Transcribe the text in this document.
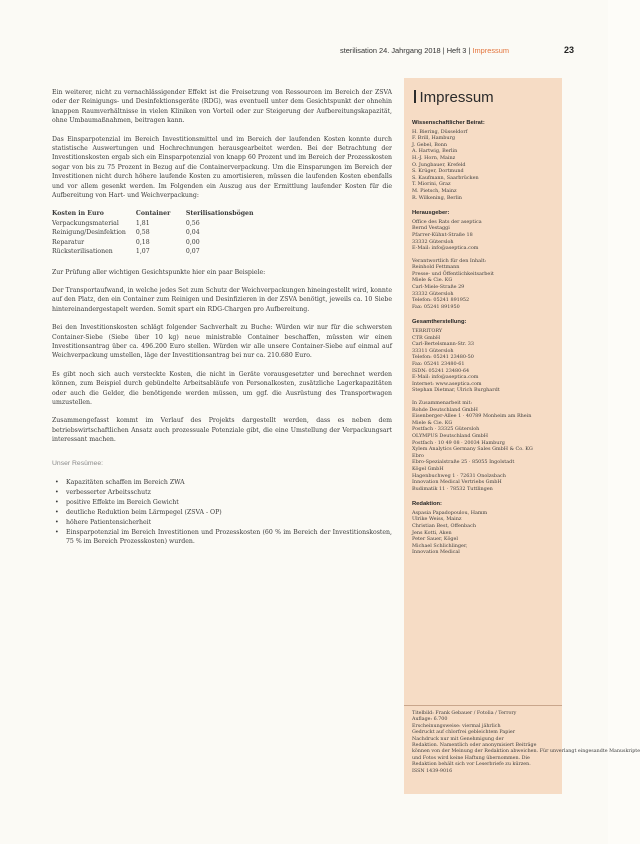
sterilisation 24. Jahrgang 2018 | Heft 3 | Impressum	23

Ein weiterer, nicht zu vernachlässigender Effekt ist die Freisetzung von Ressourcen im Bereich der ZSVA oder der Reinigungs- und Desinfektionsgeräte (RDG), was eventuell unter dem Gesichtspunkt der ohnehin knappen Raumverhältnisse in vielen Kliniken von Vorteil oder zur Steigerung der Aufbereitungskapazität, ohne Umbaumaßnahmen, beitragen kann.

Das Einsparpotenzial im Bereich Investitionsmittel und im Bereich der laufenden Kosten konnte durch statistische Auswertungen und Hochrechnungen herausgearbeitet werden. Bei der Betrachtung der Investitionskosten ergab sich ein Einsparpotenzial von knapp 60 Prozent und im Bereich der Prozesskosten sogar von bis zu 75 Prozent in Bezug auf die Containerverpackung. Um die Einsparungen im Bereich der Investitionen nicht durch höhere laufende Kosten zu amortisieren, müssen die laufenden Kosten ebenfalls und vor allem gesenkt werden. Im Folgenden ein Auszug aus der Ermittlung laufender Kosten für die Aufbereitung von Hart- und Weichverpackung:

Kosten in Euro	Container	Sterilisationsbögen
Verpackungsmaterial	1,81	0,56
Reinigung/Desinfektion	0,58	0,04
Reparatur	0,18	0,00
Rücksterilisationen	1,07	0,07

Zur Prüfung aller wichtigen Gesichtspunkte hier ein paar Beispiele:

Der Transportaufwand, in welche jedes Set zum Schutz der Weichverpackungen hineingestellt wird, konnte auf den Platz, den ein Container zum Reinigen und Desinfizieren in der ZSVA benötigt, jeweils ca. 10 Siebe hintereinandergestapelt werden. Somit spart ein RDG-Chargen pro Aufbereitung.

Bei den Investitionskosten schlägt folgender Sachverhalt zu Buche: Würden wir nur für die schwersten Container-Siebe (Siebe über 10 kg) neue ministrable Container beschaffen, müssten wir einen Investitionsantrag über ca. 496.200 Euro stellen. Würden wir alle unsere Container-Siebe auf einmal auf Weichverpackung umstellen, läge der Investitionsantrag bei nur ca. 210.680 Euro.

Es gibt noch sich auch versteckte Kosten, die nicht in Geräte vorausgesetzter und berechnet werden können, zum Beispiel durch gebündelte Arbeitsabläufe von Personalkosten, zusätzliche Lagerkapazitäten oder auch die Gelder, die benötigende werden müssen, um ggf. die Ausrüstung des Transportwagen umzustellen.

Zusammengefasst kommt im Verlauf des Projekts dargestellt werden, dass es neben dem betriebswirtschaftlichen Ansatz auch prozessuale Potenziale gibt, die eine Umstellung der Verpackungsart interessant machen.

Unser Resümee:
• Kapazitäten schaffen im Bereich ZWA
• verbesserter Arbeitsschutz
• positive Effekte im Bereich Gewicht
• deutliche Reduktion beim Lärmpegel (ZSVA - OP)
• höhere Patientensicherheit
• Einsparpotenzial im Bereich Investitionen und Prozesskosten (60 % im Bereich der Investitionskosten, 75 % im Bereich Prozesskosten) wurden.
Impressum
Wissenschaftlicher Beirat:
H. Biering, Düsseldorf
F. Brill, Hamburg
J. Gebel, Bonn
A. Hartwig, Berlin
H.-J. Horn, Mainz
O. Jungbauer, Krefeld
S. Krüger, Dortmund
S. Kaufmann, Saarbrücken
T. Miorini, Graz
M. Pietsch, Mainz
R. Wilkening, Berlin
Herausgeber:
Office des Rats der aseptica
Bernd Vestaggi
Pfarrer-Kühnt-Straße 18
33332 Gütersloh
E-Mail: info@aseptica.com
Verantwortlich für den Inhalt:
Reinhold Fettmann
Presse- und Öffentlichkeitsarbeit
Miele & Cie. KG
Carl-Miele-Straße 29
33332 Gütersloh
Telefon: 05241 891952
Fax: 05241 891950
Gesamtherstellung:
TERRITORY
CTR GmbH
Carl-Bertelsmann-Str. 33
33311 Gütersloh
Telefon: 05241 23480-50
Fax: 05241 23480-61
ISDN: 05241 23480-64
E-Mail: info@aseptica.com
Internet: www.aseptica.com
Stephan Dietmar, Ulrich Burghardt
In Zusammenarbeit mit:
Rohde Deutschland GmbH
Eisenberger-Allee 1 · 40789 Monheim am Rhein
Miele & Cie. KG
Postfach · 33325 Gütersloh
OLYMPUS Deutschland GmbH
Postfach · 10 49 08 · 20034 Hamburg
Xylem Analytics Germany Sales GmbH & Co. KG
Ebro
Ebro-Spezialstraße 25 · 85055 Ingolstadt
Kögel GmbH
Hagenbuchweg 1 · 72631 Onolzsbach
Innovation Medical Vertriebs GmbH
Budimatik 11 · 78532 Tuttlingen
Redaktion:
Aspasia Papadopoulou, Hamm
Ulrike Weiss, Mainz
Christian Best, Offenbach
Jens Kotti, Aken
Peter Sauer, Kögel
Michael Schlichlinger,
Innovation Medical
Titelbild: Frank Gebauer / Fotolia / Terrory
Auflage: 6.700
Erscheinungsweise: viermal jährlich
Gedruckt auf chlorfrei gebleichtem Papier
Nachdruck nur mit Genehmigung der
Redaktion. Namentlich oder anonymisiert Beiträge
können von der Meinung der Redaktion abweichen. Für unverlangt eingesandte Manuskripte
und Fotos wird keine Haftung übernommen. Die
Redaktion behält sich vor Leserbriefe zu kürzen.
ISSN 1439-9016
